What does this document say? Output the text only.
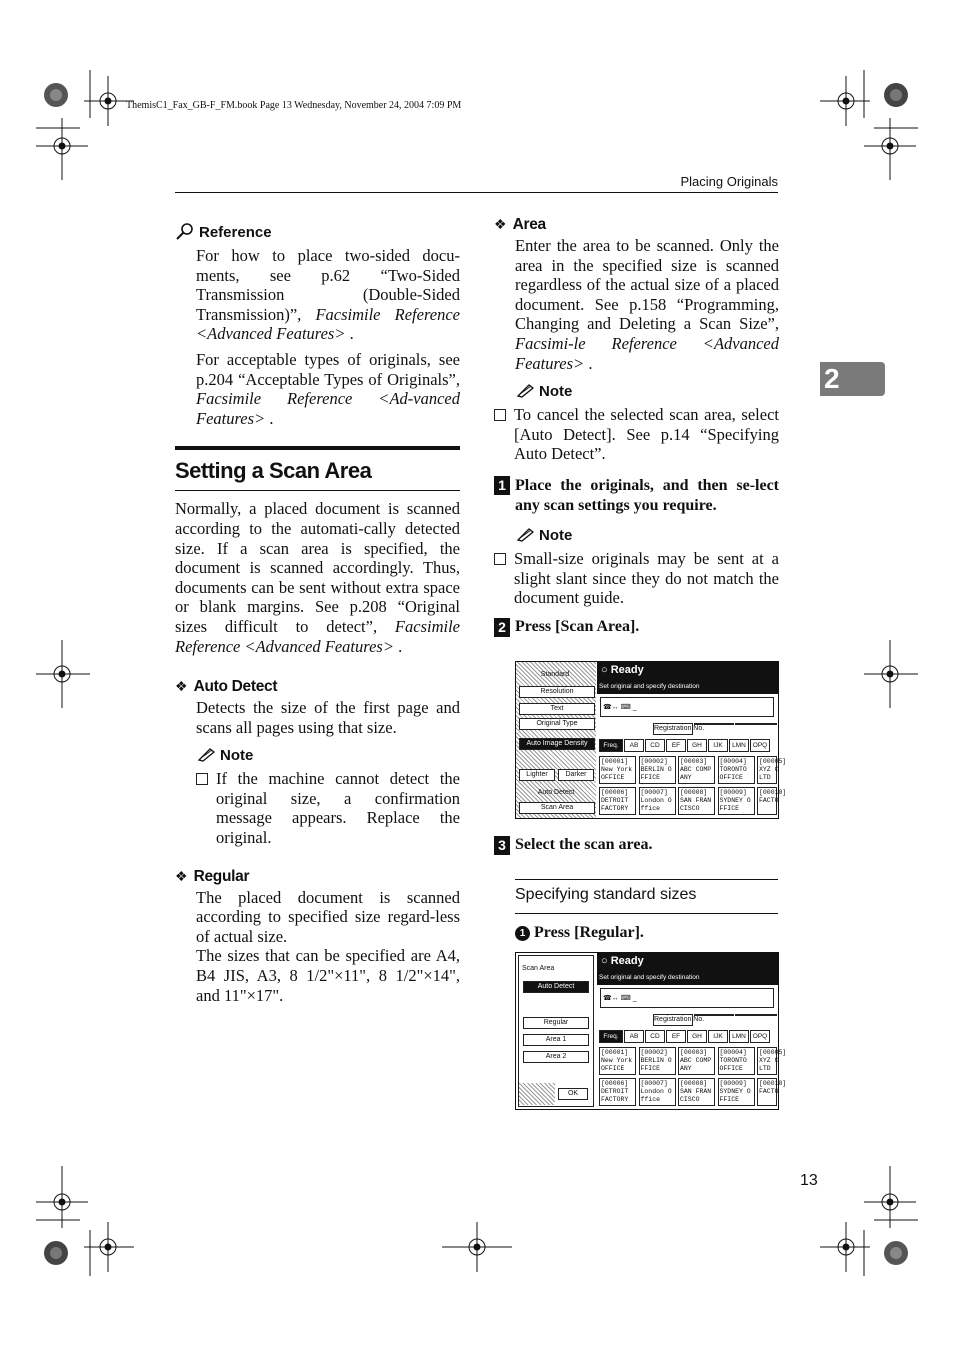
ThemisC1_Fax_GB-F_FM.book Page 13 Wednesday, November 24, 2004 7:09 PM
Placing Originals
2
Reference
For how to place two-sided docu-ments, see p.62 “Two-Sided Transmission (Double-Sided Transmission)”, Facsimile Reference <Advanced Features> .
For acceptable types of originals, see p.204 “Acceptable Types of Originals”, Facsimile Reference <Ad-vanced Features> .
Setting a Scan Area
Normally, a placed document is scanned according to the automati-cally detected size. If a scan area is specified, the document is scanned accordingly. Thus, documents can be sent without extra space or blank margins. See p.208 “Original sizes difficult to detect”, Facsimile Reference <Advanced Features> .
❖ Auto Detect
Detects the size of the first page and scans all pages using that size.
Note
If the machine cannot detect the original size, a confirmation message appears. Replace the original.
❖ Regular
The placed document is scanned according to specified size regard-less of actual size.
The sizes that can be specified are A4, B4 JIS, A3, 8 1/2"×11", 8 1/2"×14", and 11"×17".
❖ Area
Enter the area to be scanned. Only the area in the specified size is scanned regardless of the actual size of a placed document. See p.158 “Programming, Changing and Deleting a Scan Size”, Facsimi-le Reference <Advanced Features> .
Note
To cancel the selected scan area, select [Auto Detect]. See p.14 “Specifying Auto Detect”.
1 Place the originals, and then se-lect any scan settings you require.
Note
Small-size originals may be sent at a slight slant since they do not match the document guide.
2 Press [Scan Area].
Standard
Resolution
Text
Original Type
Auto Image Density
Lighter	Darker
Auto Detect
Scan Area
○ Ready
Set original and specify destination
☎↔ ⌨ _
Registration No.
Freq.	AB	CD	EF	GH	IJK	LMN	OPQ
[00001]
New York
OFFICE
[00002]
BERLIN O
FFICE
[00003]
ABC COMP
ANY
[00004]
TORONTO
OFFICE
[00005]
XYZ C
LTD
[00006]
DETROIT
FACTORY
[00007]
London O
ffice
[00008]
SAN FRAN
CISCO
[00009]
SYDNEY O
FFICE
[00010]
FACTO

3 Select the scan area.
Specifying standard sizes
1 Press [Regular].
Scan Area
Auto Detect
Regular
Area 1
Area 2
OK
○ Ready
Set original and specify destination
☎↔ ⌨ _
Registration No.
Freq.	AB	CD	EF	GH	IJK	LMN	OPQ
[00001]
New York
OFFICE
[00002]
BERLIN O
FFICE
[00003]
ABC COMP
ANY
[00004]
TORONTO
OFFICE
[00005]
XYZ C
LTD
[00006]
DETROIT
FACTORY
[00007]
London O
ffice
[00008]
SAN FRAN
CISCO
[00009]
SYDNEY O
FFICE
[00010]
FACTO

13
